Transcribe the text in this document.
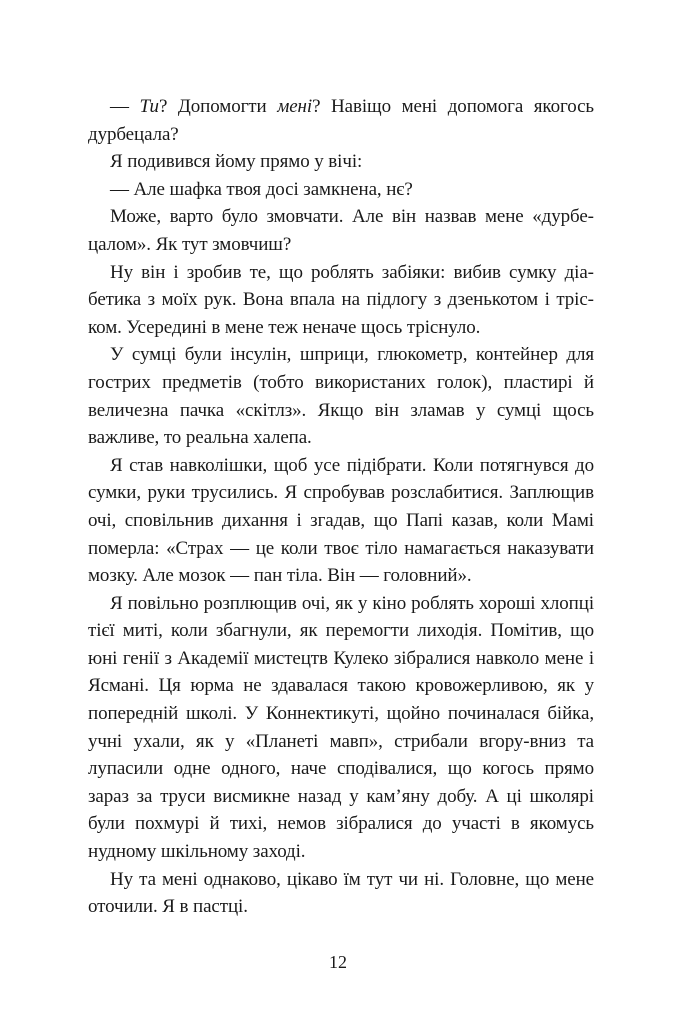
— Ти? Допомогти мені? Навіщо мені допомога якогось дурбецала?

Я подивився йому прямо у вічі:

— Але шафка твоя досі замкнена, нє?

Може, варто було змовчати. Але він назвав мене «дурбецалом». Як тут змовчиш?

Ну він і зробив те, що роблять забіяки: вибив сумку діабетика з моїх рук. Вона впала на підлогу з дзенькотом і тріском. Усередині в мене теж неначе щось тріснуло.

У сумці були інсулін, шприци, глюкометр, контейнер для гострих предметів (тобто використаних голок), пластирі й величезна пачка «скітлз». Якщо він зламав у сумці щось важливе, то реальна халепа.

Я став навколішки, щоб усе підібрати. Коли потягнувся до сумки, руки трусились. Я спробував розслабитися. Заплющив очі, сповільнив дихання і згадав, що Папі казав, коли Мамі померла: «Страх — це коли твоє тіло намагається наказувати мозку. Але мозок — пан тіла. Він — головний».

Я повільно розплющив очі, як у кіно роблять хороші хлопці тієї миті, коли збагнули, як перемогти лиходія. Помітив, що юні генії з Академії мистецтв Кулеко зібралися навколо мене і Ясмані. Ця юрма не здавалася такою кровожерливою, як у попередній школі. У Коннектикуті, щойно починалася бійка, учні ухали, як у «Планеті мавп», стрибали вгору-вниз та лупасили одне одного, наче сподівалися, що когось прямо зараз за труси висмикне назад у кам’яну добу. А ці школярі були похмурі й тихі, немов зібралися до участі в якомусь нудному шкільному заході.

Ну та мені однаково, цікаво їм тут чи ні. Головне, що мене оточили. Я в пастці.

12
